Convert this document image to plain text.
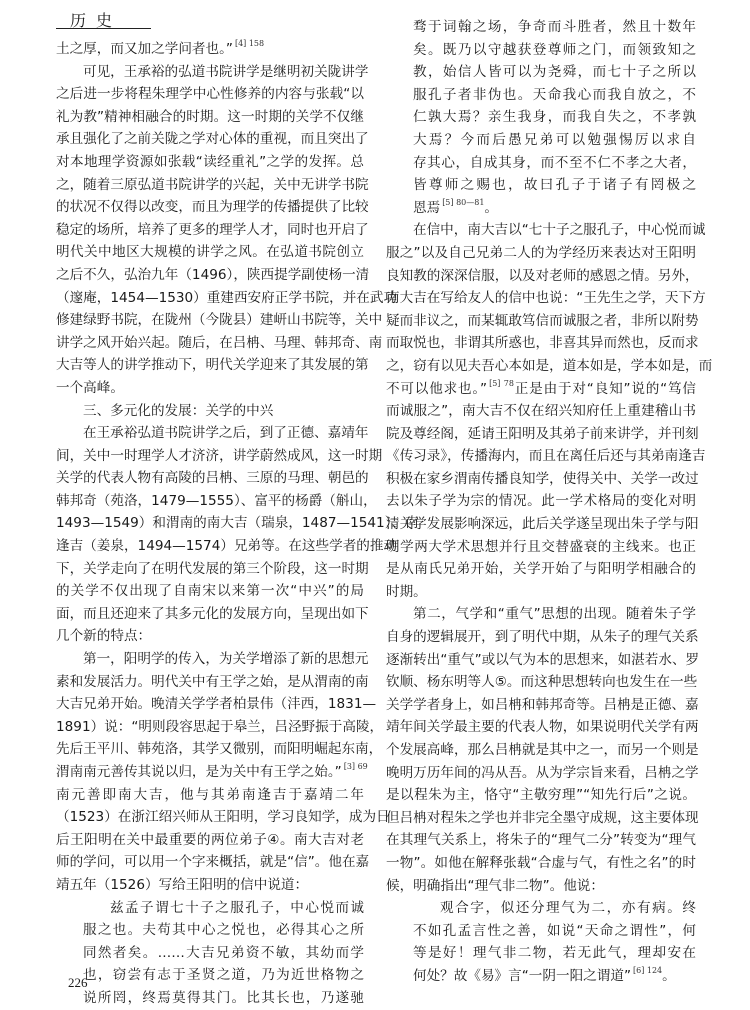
历史
土之厚，而又加之学问者也。” $^{[4] 158}$
可见，王承裕的弘道书院讲学是继明初关陇讲学
之后进一步将程朱理学中心性修养的内容与张载“以
礼为教”精神相融合的时期。这一时期的关学不仅继
承且强化了之前关陇之学对心体的重视，而且突出了
对本地理学资源如张载“读经重礼”之学的发挥。总
之，随着三原弘道书院讲学的兴起，关中无讲学书院
的状况不仅得以改变，而且为理学的传播提供了比较
稳定的场所，培养了更多的理学人才，同时也开启了
明代关中地区大规模的讲学之风。在弘道书院创立
之后不久，弘治九年（1496），陕西提学副使杨一清
（邃庵，1454—1530）重建西安府正学书院，并在武功
修建绿野书院，在陇州（今陇县）建岍山书院等，关中
讲学之风开始兴起。随后，在吕柟、马理、韩邦奇、南
大吉等人的讲学推动下，明代关学迎来了其发展的第
一个高峰。
三、多元化的发展：关学的中兴
在王承裕弘道书院讲学之后，到了正德、嘉靖年
间，关中一时理学人才济济，讲学蔚然成风，这一时期
关学的代表人物有高陵的吕柟、三原的马理、朝邑的
韩邦奇（苑洛，1479—1555）、富平的杨爵（斛山，
1493—1549）和渭南的南大吉（瑞泉，1487—1541）、南
逢吉（姜泉，1494—1574）兄弟等。在这些学者的推动
下，关学走向了在明代发展的第三个阶段，这一时期
的关学不仅出现了自南宋以来第一次“中兴”的局
面，而且还迎来了其多元化的发展方向，呈现出如下
几个新的特点：
第一，阳明学的传入，为关学增添了新的思想元
素和发展活力。明代关中有王学之始，是从渭南的南
大吉兄弟开始。晚清关学学者柏景伟（沣西，1831—
1891）说：“明则段容思起于皋兰，吕泾野振于高陵，
先后王平川、韩苑洛，其学又微别，而阳明崛起东南，
渭南南元善传其说以归，是为关中有王学之始。” $^{[3] 69}$
南元善即南大吉，他与其弟南逢吉于嘉靖二年
（1523）在浙江绍兴师从王阳明，学习良知学，成为日
后王阳明在关中最重要的两位弟子④。南大吉对老
师的学问，可以用一个字来概括，就是“信”。他在嘉
靖五年（1526）写给王阳明的信中说道：
兹孟子谓七十子之服孔子，中心悦而诚
服之也。夫苟其中心之悦也，必得其心之所
同然者矣。……大吉兄弟资不敏，其幼而学
也，窃尝有志于圣贤之道，乃为近世格物之
说所罔，终焉莫得其门。比其长也，乃遂驰
骛于词翰之场，争奇而斗胜者，然且十数年
矣。既乃以守越获登尊师之门，而领致知之
教，始信人皆可以为尧舜，而七十子之所以
服孔子者非伪也。天命我心而我自放之，不
仁孰大焉？亲生我身，而我自失之，不孝孰
大焉？今而后愚兄弟可以勉强惕厉以求自
存其心，自成其身，而不至不仁不孝之大者，
皆尊师之赐也，故曰孔子于诸子有罔极之
恩焉 $^{[5] 80—81}$。
在信中，南大吉以“七十子之服孔子，中心悦而诚
服之”以及自己兄弟二人的为学经历来表达对王阳明
良知教的深深信服，以及对老师的感恩之情。另外，
南大吉在写给友人的信中也说：“王先生之学，天下方
疑而非议之，而某辄敢笃信而诚服之者，非所以附势
而取悦也，非谓其所惑也，非喜其异而然也，反而求
之，窃有以见夫吾心本如是，道本如是，学本如是，而
不可以他求也。” $^{[5] 78}$正是由于对“良知”说的“笃信
而诚服之”，南大吉不仅在绍兴知府任上重建稽山书
院及尊经阁，延请王阳明及其弟子前来讲学，并刊刻
《传习录》，传播海内，而且在离任后还与其弟南逢吉
积极在家乡渭南传播良知学，使得关中、关学一改过
去以朱子学为宗的情况。此一学术格局的变化对明
清关学发展影响深远，此后关学遂呈现出朱子学与阳
明学两大学术思想并行且交替盛衰的主线来。也正
是从南氏兄弟开始，关学开始了与阳明学相融合的
时期。
第二，气学和“重气”思想的出现。随着朱子学
自身的逻辑展开，到了明代中期，从朱子的理气关系
逐渐转出“重气”或以气为本的思想来，如湛若水、罗
钦顺、杨东明等人⑤。而这种思想转向也发生在一些
关学学者身上，如吕柟和韩邦奇等。吕柟是正德、嘉
靖年间关学最主要的代表人物，如果说明代关学有两
个发展高峰，那么吕柟就是其中之一，而另一个则是
晚明万历年间的冯从吾。从为学宗旨来看，吕柟之学
是以程朱为主，恪守“主敬穷理”“知先行后”之说。
但吕柟对程朱之学也并非完全墨守成规，这主要体现
在其理气关系上，将朱子的“理气二分”转变为“理气
一物”。如他在解释张载“合虚与气，有性之名”的时
候，明确指出“理气非二物”。他说：
观合字，似还分理气为二，亦有病。终
不如孔孟言性之善，如说“天命之谓性”，何
等是好！理气非二物，若无此气，理却安在
何处？故《易》言“一阴一阳之谓道” $^{[6] 124}$。
226
